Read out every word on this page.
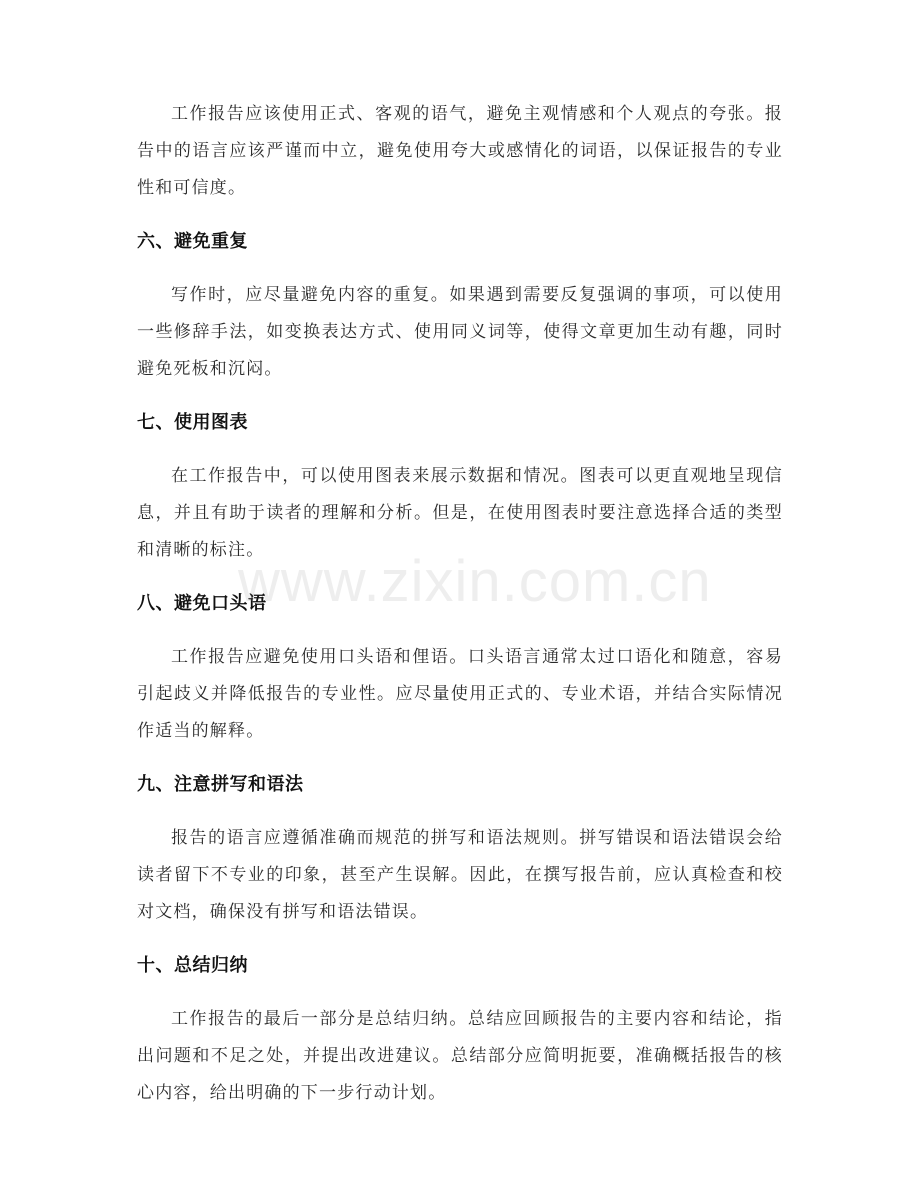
工作报告应该使用正式、客观的语气，避免主观情感和个人观点的夸张。报告中的语言应该严谨而中立，避免使用夸大或感情化的词语，以保证报告的专业性和可信度。

六、避免重复

写作时，应尽量避免内容的重复。如果遇到需要反复强调的事项，可以使用一些修辞手法，如变换表达方式、使用同义词等，使得文章更加生动有趣，同时避免死板和沉闷。

七、使用图表

在工作报告中，可以使用图表来展示数据和情况。图表可以更直观地呈现信息，并且有助于读者的理解和分析。但是，在使用图表时要注意选择合适的类型和清晰的标注。

八、避免口头语

工作报告应避免使用口头语和俚语。口头语言通常太过口语化和随意，容易引起歧义并降低报告的专业性。应尽量使用正式的、专业术语，并结合实际情况作适当的解释。

九、注意拼写和语法

报告的语言应遵循准确而规范的拼写和语法规则。拼写错误和语法错误会给读者留下不专业的印象，甚至产生误解。因此，在撰写报告前，应认真检查和校对文档，确保没有拼写和语法错误。

十、总结归纳

工作报告的最后一部分是总结归纳。总结应回顾报告的主要内容和结论，指出问题和不足之处，并提出改进建议。总结部分应简明扼要，准确概括报告的核心内容，给出明确的下一步行动计划。

www.zixin.com.cn
